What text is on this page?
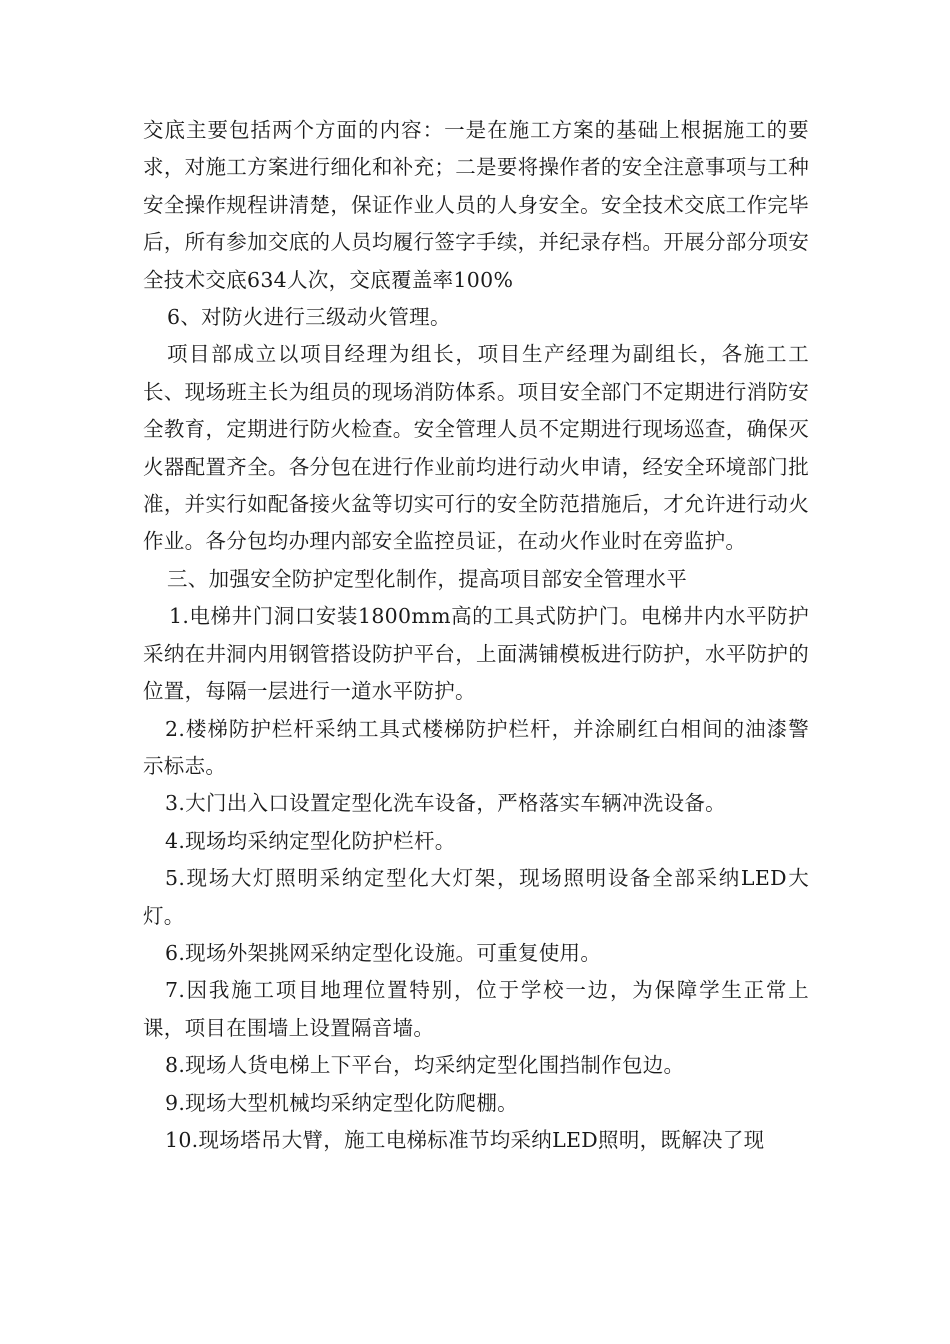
交底主要包括两个方面的内容：一是在施工方案的基础上根据施工的要求，对施工方案进行细化和补充；二是要将操作者的安全注意事项与工种安全操作规程讲清楚，保证作业人员的人身安全。安全技术交底工作完毕后，所有参加交底的人员均履行签字手续，并纪录存档。开展分部分项安全技术交底634人次，交底覆盖率100%

6、对防火进行三级动火管理。

项目部成立以项目经理为组长，项目生产经理为副组长，各施工工长、现场班主长为组员的现场消防体系。项目安全部门不定期进行消防安全教育，定期进行防火检查。安全管理人员不定期进行现场巡查，确保灭火器配置齐全。各分包在进行作业前均进行动火申请，经安全环境部门批准，并实行如配备接火盆等切实可行的安全防范措施后，才允许进行动火作业。各分包均办理内部安全监控员证，在动火作业时在旁监护。

三、加强安全防护定型化制作，提高项目部安全管理水平

1.电梯井门洞口安装1800mm高的工具式防护门。电梯井内水平防护采纳在井洞内用钢管搭设防护平台，上面满铺模板进行防护，水平防护的位置，每隔一层进行一道水平防护。

2.楼梯防护栏杆采纳工具式楼梯防护栏杆，并涂刷红白相间的油漆警示标志。

3.大门出入口设置定型化洗车设备，严格落实车辆冲洗设备。

4.现场均采纳定型化防护栏杆。

5.现场大灯照明采纳定型化大灯架，现场照明设备全部采纳LED大灯。

6.现场外架挑网采纳定型化设施。可重复使用。

7.因我施工项目地理位置特别，位于学校一边，为保障学生正常上课，项目在围墙上设置隔音墙。

8.现场人货电梯上下平台，均采纳定型化围挡制作包边。

9.现场大型机械均采纳定型化防爬棚。

10.现场塔吊大臂，施工电梯标准节均采纳LED照明，既解决了现
